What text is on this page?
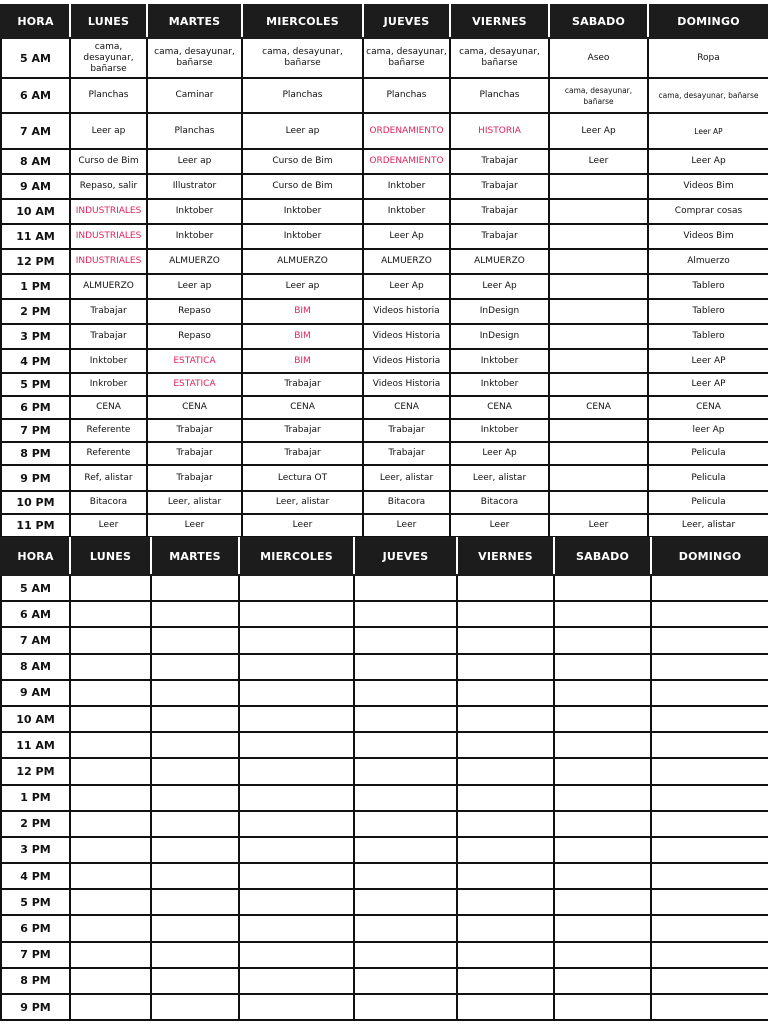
HORA	LUNES	MARTES	MIERCOLES	JUEVES	VIERNES	SABADO	DOMINGO
5 AM	cama, desayunar, bañarse	cama, desayunar, bañarse	cama, desayunar, bañarse	cama, desayunar, bañarse	cama, desayunar, bañarse	Aseo	Ropa
6 AM	Planchas	Caminar	Planchas	Planchas	Planchas	cama, desayunar, bañarse	cama, desayunar, bañarse
7 AM	Leer ap	Planchas	Leer ap	ORDENAMIENTO	HISTORIA	Leer Ap	Leer AP
8 AM	Curso de Bim	Leer ap	Curso de Bim	ORDENAMIENTO	Trabajar	Leer	Leer Ap
9 AM	Repaso, salir	Illustrator	Curso de Bim	Inktober	Trabajar		Videos Bim
10 AM	INDUSTRIALES	Inktober	Inktober	Inktober	Trabajar		Comprar cosas
11 AM	INDUSTRIALES	Inktober	Inktober	Leer Ap	Trabajar		Videos Bim
12 PM	INDUSTRIALES	ALMUERZO	ALMUERZO	ALMUERZO	ALMUERZO		Almuerzo
1 PM	ALMUERZO	Leer ap	Leer ap	Leer Ap	Leer Ap		Tablero
2 PM	Trabajar	Repaso	BIM	Videos historia	InDesign		Tablero
3 PM	Trabajar	Repaso	BIM	Videos Historia	InDesign		Tablero
4 PM	Inktober	ESTATICA	BIM	Videos Historia	Inktober		Leer AP
5 PM	Inkrober	ESTATICA	Trabajar	Videos Historia	Inktober		Leer AP
6 PM	CENA	CENA	CENA	CENA	CENA	CENA	CENA
7 PM	Referente	Trabajar	Trabajar	Trabajar	Inktober		leer Ap
8 PM	Referente	Trabajar	Trabajar	Trabajar	Leer Ap		Pelicula
9 PM	Ref, alistar	Trabajar	Lectura OT	Leer, alistar	Leer, alistar		Pelicula
10 PM	Bitacora	Leer, alistar	Leer, alistar	Bitacora	Bitacora		Pelicula
11 PM	Leer	Leer	Leer	Leer	Leer	Leer	Leer, alistar
HORA	LUNES	MARTES	MIERCOLES	JUEVES	VIERNES	SABADO	DOMINGO
5 AM							
6 AM							
7 AM							
8 AM							
9 AM							
10 AM							
11 AM							
12 PM							
1 PM							
2 PM							
3 PM							
4 PM							
5 PM							
6 PM							
7 PM							
8 PM							
9 PM							
